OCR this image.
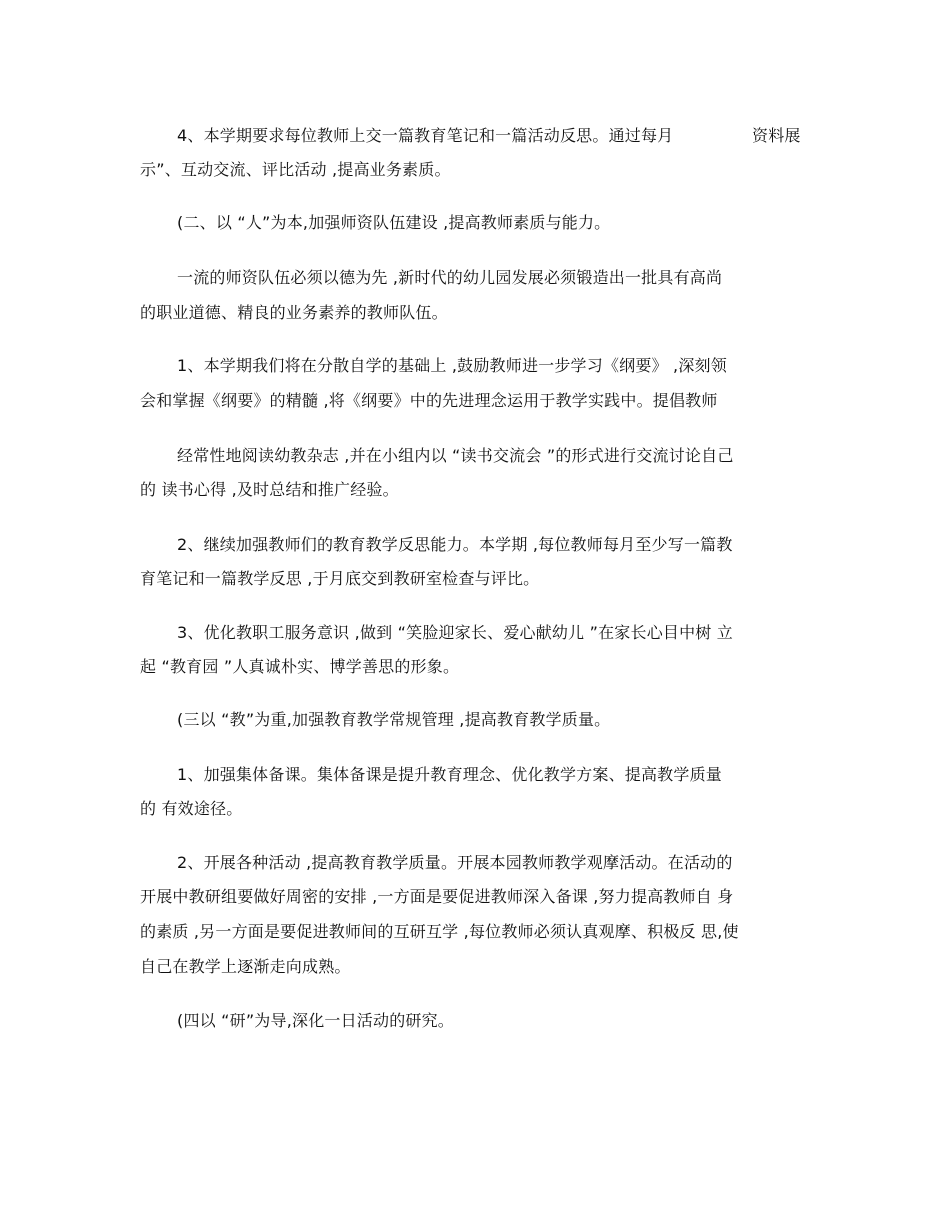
4、本学期要求每位教师上交一篇教育笔记和一篇活动反思。通过每月	资料展
示”、互动交流、评比活动 ,提高业务素质。
(二、以 “人”为本,加强师资队伍建设 ,提高教师素质与能力。
一流的师资队伍必须以德为先 ,新时代的幼儿园发展必须锻造出一批具有高尚
的职业道德、精良的业务素养的教师队伍。
1、本学期我们将在分散自学的基础上 ,鼓励教师进一步学习《纲要》 ,深刻领
会和掌握《纲要》的精髓 ,将《纲要》中的先进理念运用于教学实践中。提倡教师
经常性地阅读幼教杂志 ,并在小组内以 “读书交流会 ”的形式进行交流讨论自己
的 读书心得 ,及时总结和推广经验。
2、继续加强教师们的教育教学反思能力。本学期 ,每位教师每月至少写一篇教
育笔记和一篇教学反思 ,于月底交到教研室检查与评比。
3、优化教职工服务意识 ,做到 “笑脸迎家长、爱心献幼儿 ”在家长心目中树 立
起 “教育园 ”人真诚朴实、博学善思的形象。
(三以 “教”为重,加强教育教学常规管理 ,提高教育教学质量。
1、加强集体备课。集体备课是提升教育理念、优化教学方案、提高教学质量
的 有效途径。
2、开展各种活动 ,提高教育教学质量。开展本园教师教学观摩活动。在活动的
开展中教研组要做好周密的安排 ,一方面是要促进教师深入备课 ,努力提高教师自 身
的素质 ,另一方面是要促进教师间的互研互学 ,每位教师必须认真观摩、积极反 思,使
自己在教学上逐渐走向成熟。
(四以 “研”为导,深化一日活动的研究。
